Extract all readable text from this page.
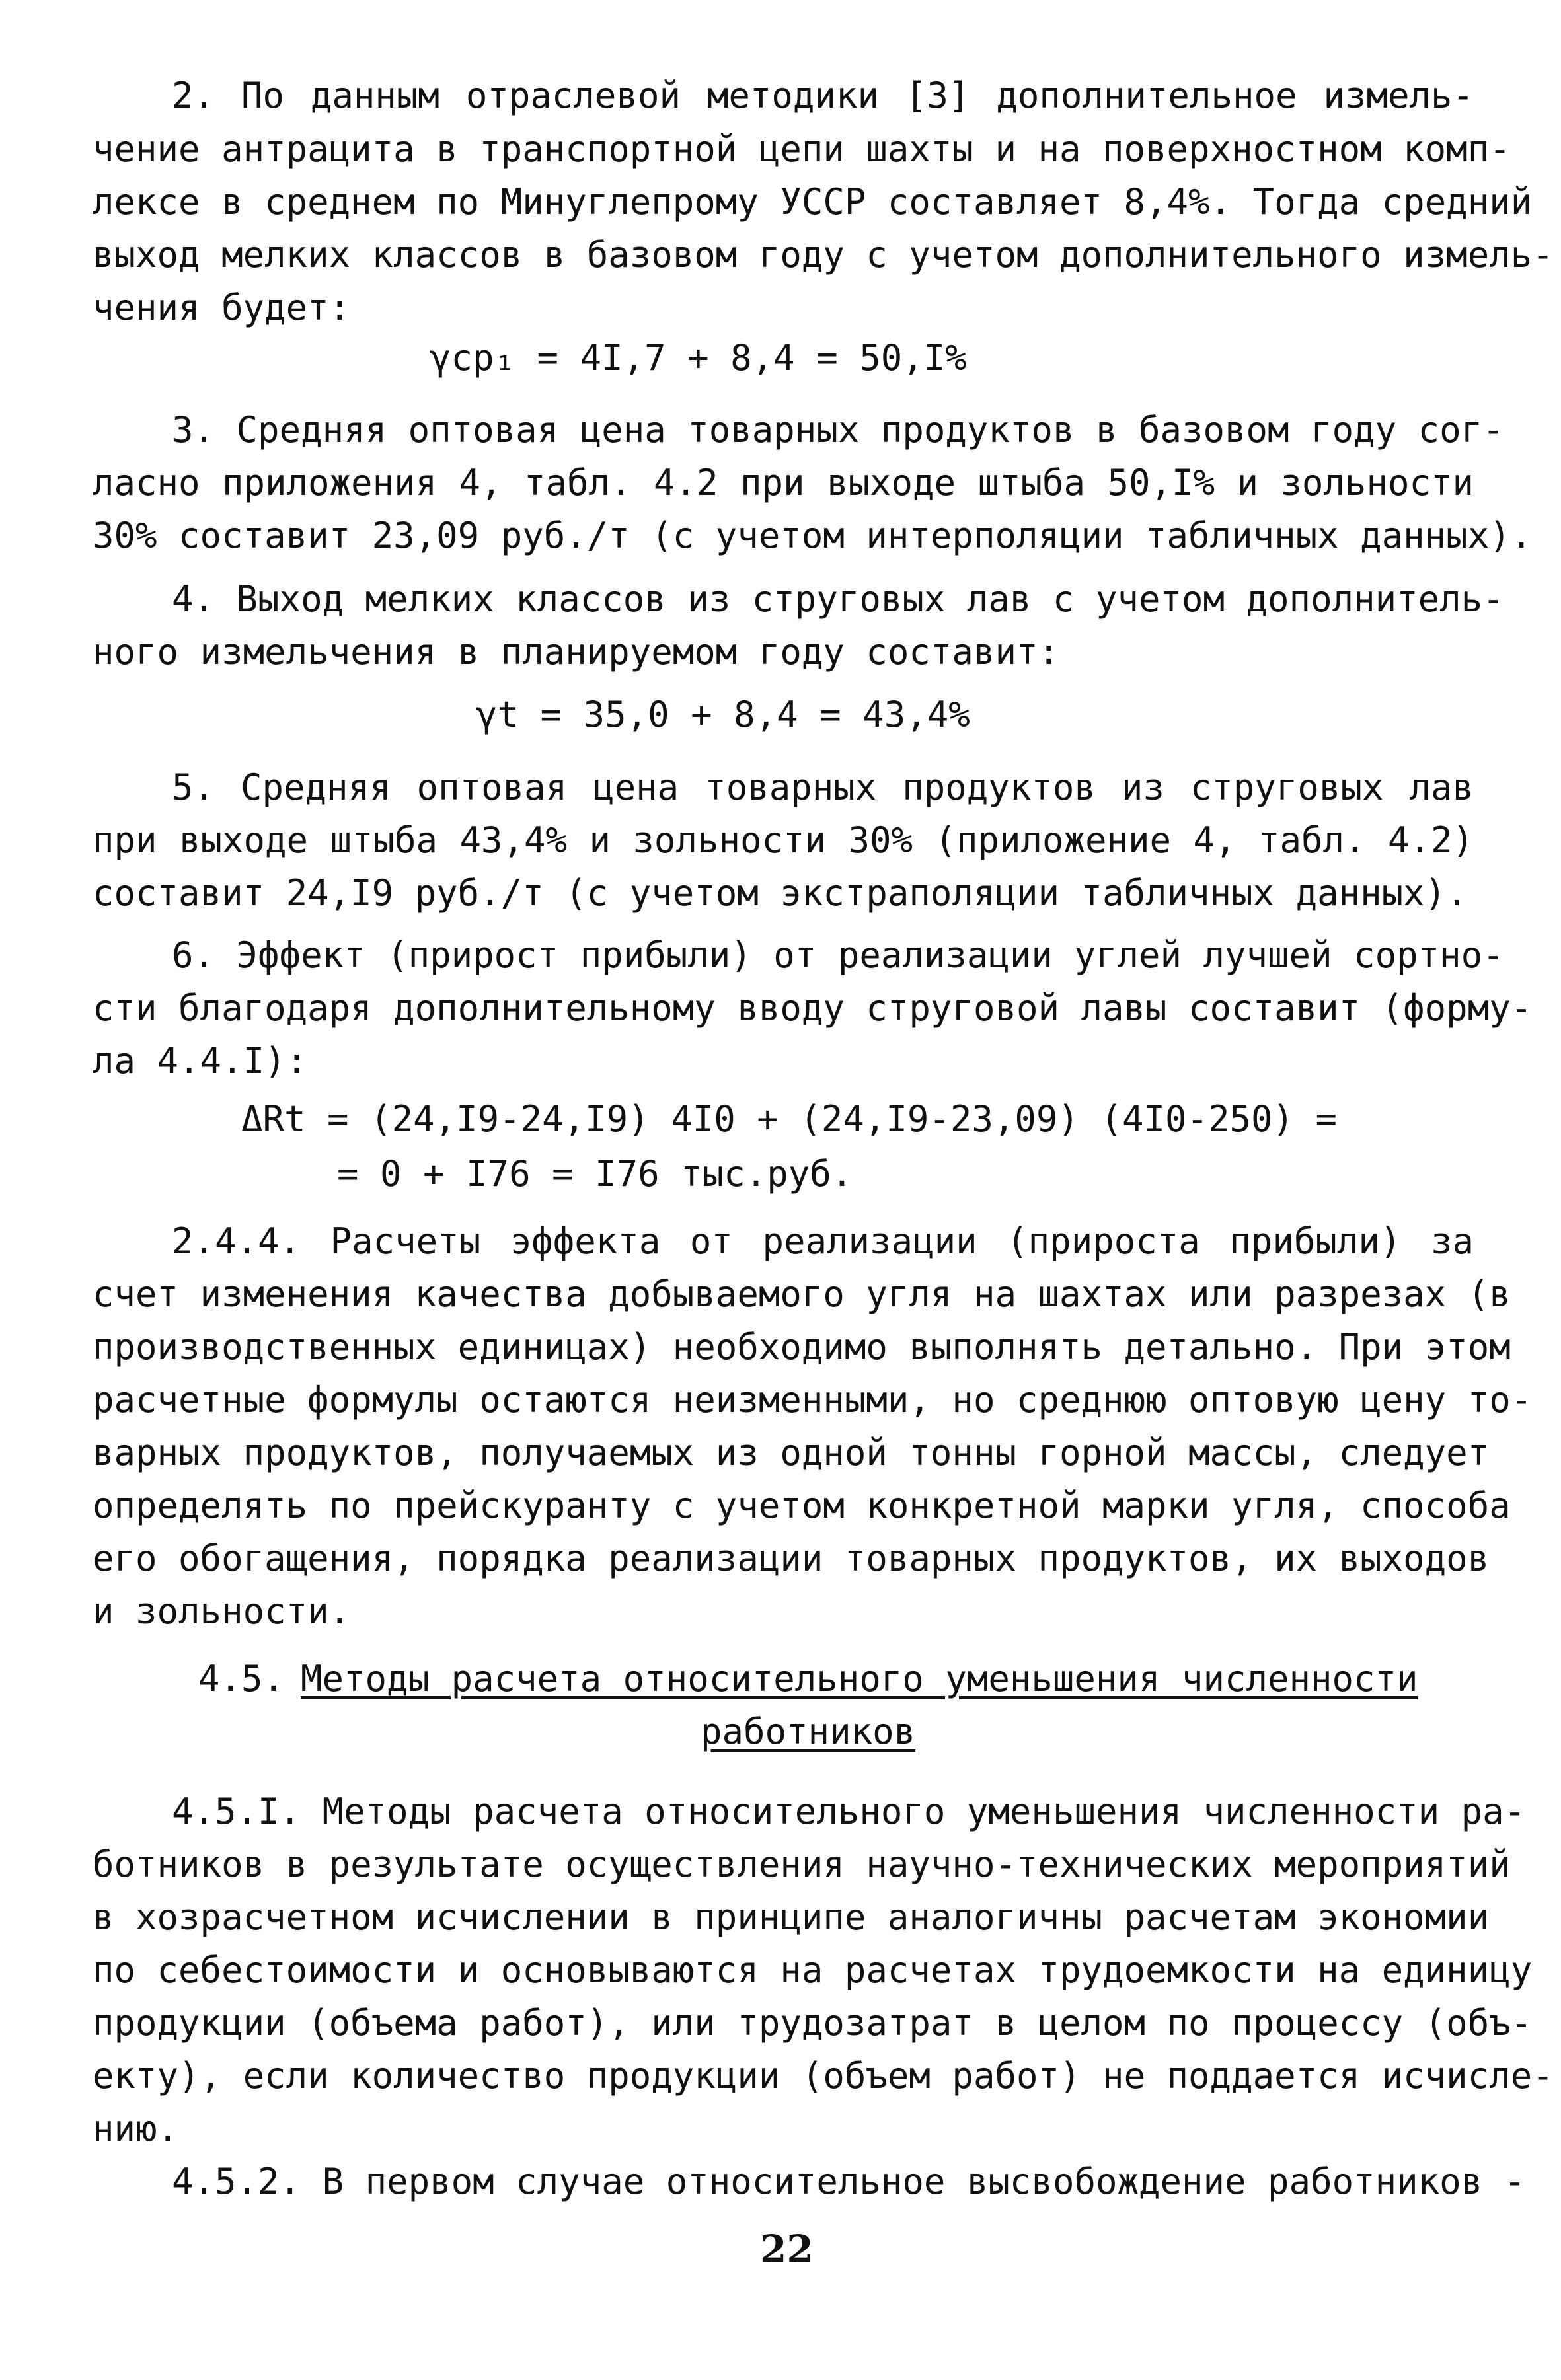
2. По данным отраслевой методики [3] дополнительное измель-
чение антрацита в транспортной цепи шахты и на поверхностном комп-
лексе в среднем по Минуглепрому УССР составляет 8,4%. Тогда средний
выход мелких классов в базовом году с учетом дополнительного измель-
чения будет:
γср₁ = 4I,7 + 8,4 = 50,I%
3. Средняя оптовая цена товарных продуктов в базовом году сог-
ласно приложения 4, табл. 4.2 при выходе штыба 50,I% и зольности
30% составит 23,09 руб./т (с учетом интерполяции табличных данных).
4. Выход мелких классов из струговых лав с учетом дополнитель-
ного измельчения в планируемом году составит:
γt = 35,0 + 8,4 = 43,4%
5. Средняя оптовая цена товарных продуктов из струговых лав
при выходе штыба 43,4% и зольности 30% (приложение 4, табл. 4.2)
составит 24,I9 руб./т (с учетом экстраполяции табличных данных).
6. Эффект (прирост прибыли) от реализации углей лучшей сортно-
сти благодаря дополнительному вводу струговой лавы составит (форму-
ла 4.4.I):
ΔRt = (24,I9-24,I9) 4I0 + (24,I9-23,09) (4I0-250) =
= 0 + I76 = I76 тыс.руб.
2.4.4. Расчеты эффекта от реализации (прироста прибыли) за
счет изменения качества добываемого угля на шахтах или разрезах (в
производственных единицах) необходимо выполнять детально. При этом
расчетные формулы остаются неизменными, но среднюю оптовую цену то-
варных продуктов, получаемых из одной тонны горной массы, следует
определять по прейскуранту с учетом конкретной марки угля, способа
его обогащения, порядка реализации товарных продуктов, их выходов
и зольности.
4.5. Методы расчета относительного уменьшения численности
работников
4.5.I. Методы расчета относительного уменьшения численности ра-
ботников в результате осуществления научно-технических мероприятий
в хозрасчетном исчислении в принципе аналогичны расчетам экономии
по себестоимости и основываются на расчетах трудоемкости на единицу
продукции (объема работ), или трудозатрат в целом по процессу (объ-
екту), если количество продукции (объем работ) не поддается исчисле-
нию.
4.5.2. В первом случае относительное высвобождение работников -
22
